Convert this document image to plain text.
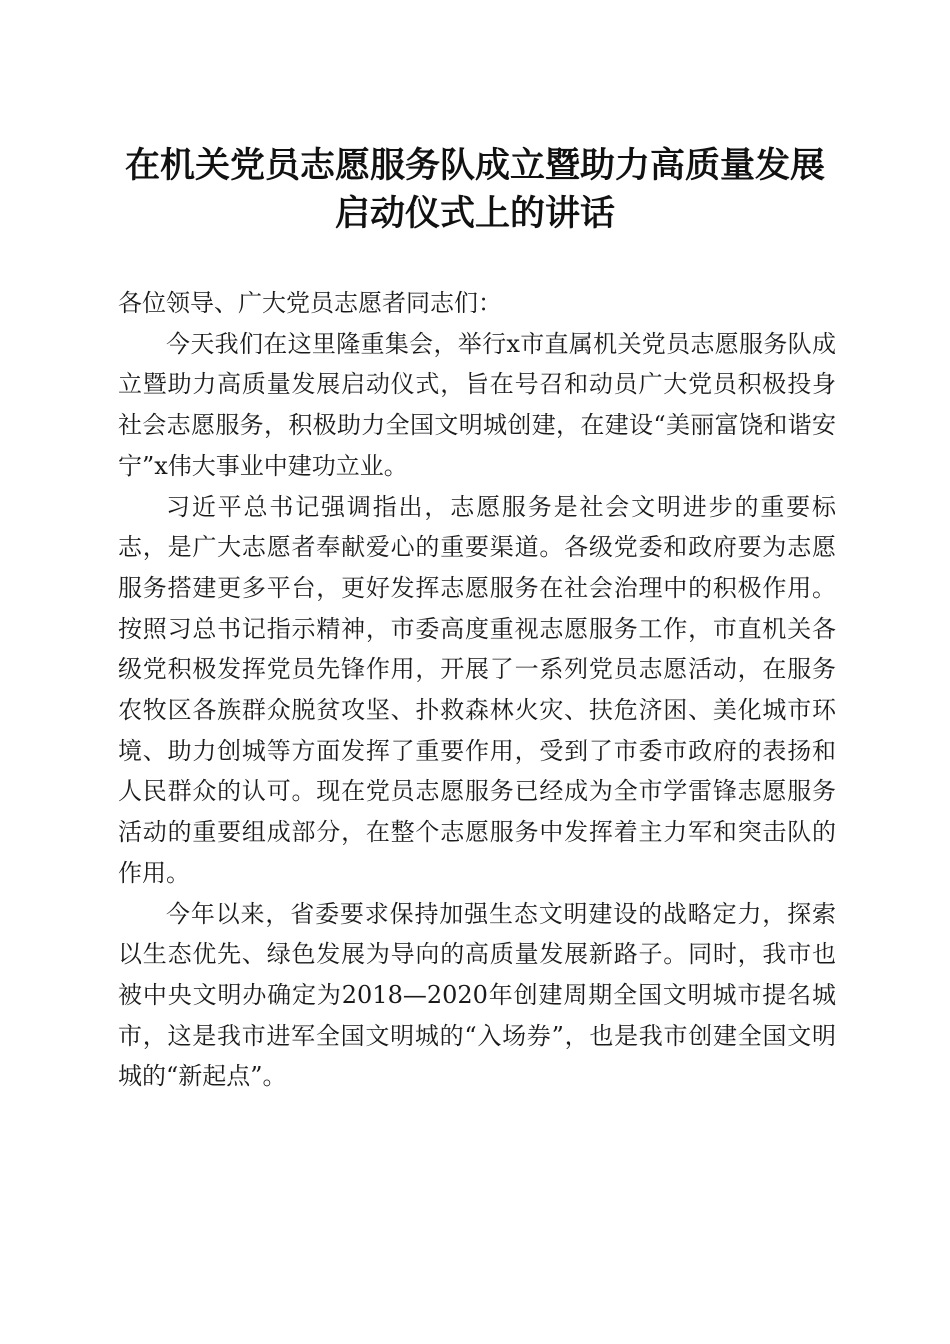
在机关党员志愿服务队成立暨助力高质量发展
启动仪式上的讲话

各位领导、广大党员志愿者同志们：

今天我们在这里隆重集会，举行x市直属机关党员志愿服务队成立暨助力高质量发展启动仪式，旨在号召和动员广大党员积极投身社会志愿服务，积极助力全国文明城创建，在建设“美丽富饶和谐安宁”x伟大事业中建功立业。

习近平总书记强调指出，志愿服务是社会文明进步的重要标志，是广大志愿者奉献爱心的重要渠道。各级党委和政府要为志愿服务搭建更多平台，更好发挥志愿服务在社会治理中的积极作用。按照习总书记指示精神，市委高度重视志愿服务工作，市直机关各级党积极发挥党员先锋作用，开展了一系列党员志愿活动，在服务农牧区各族群众脱贫攻坚、扑救森林火灾、扶危济困、美化城市环境、助力创城等方面发挥了重要作用，受到了市委市政府的表扬和人民群众的认可。现在党员志愿服务已经成为全市学雷锋志愿服务活动的重要组成部分，在整个志愿服务中发挥着主力军和突击队的作用。

今年以来，省委要求保持加强生态文明建设的战略定力，探索以生态优先、绿色发展为导向的高质量发展新路子。同时，我市也被中央文明办确定为2018—2020年创建周期全国文明城市提名城市，这是我市进军全国文明城的“入场券”，也是我市创建全国文明城的“新起点”。
